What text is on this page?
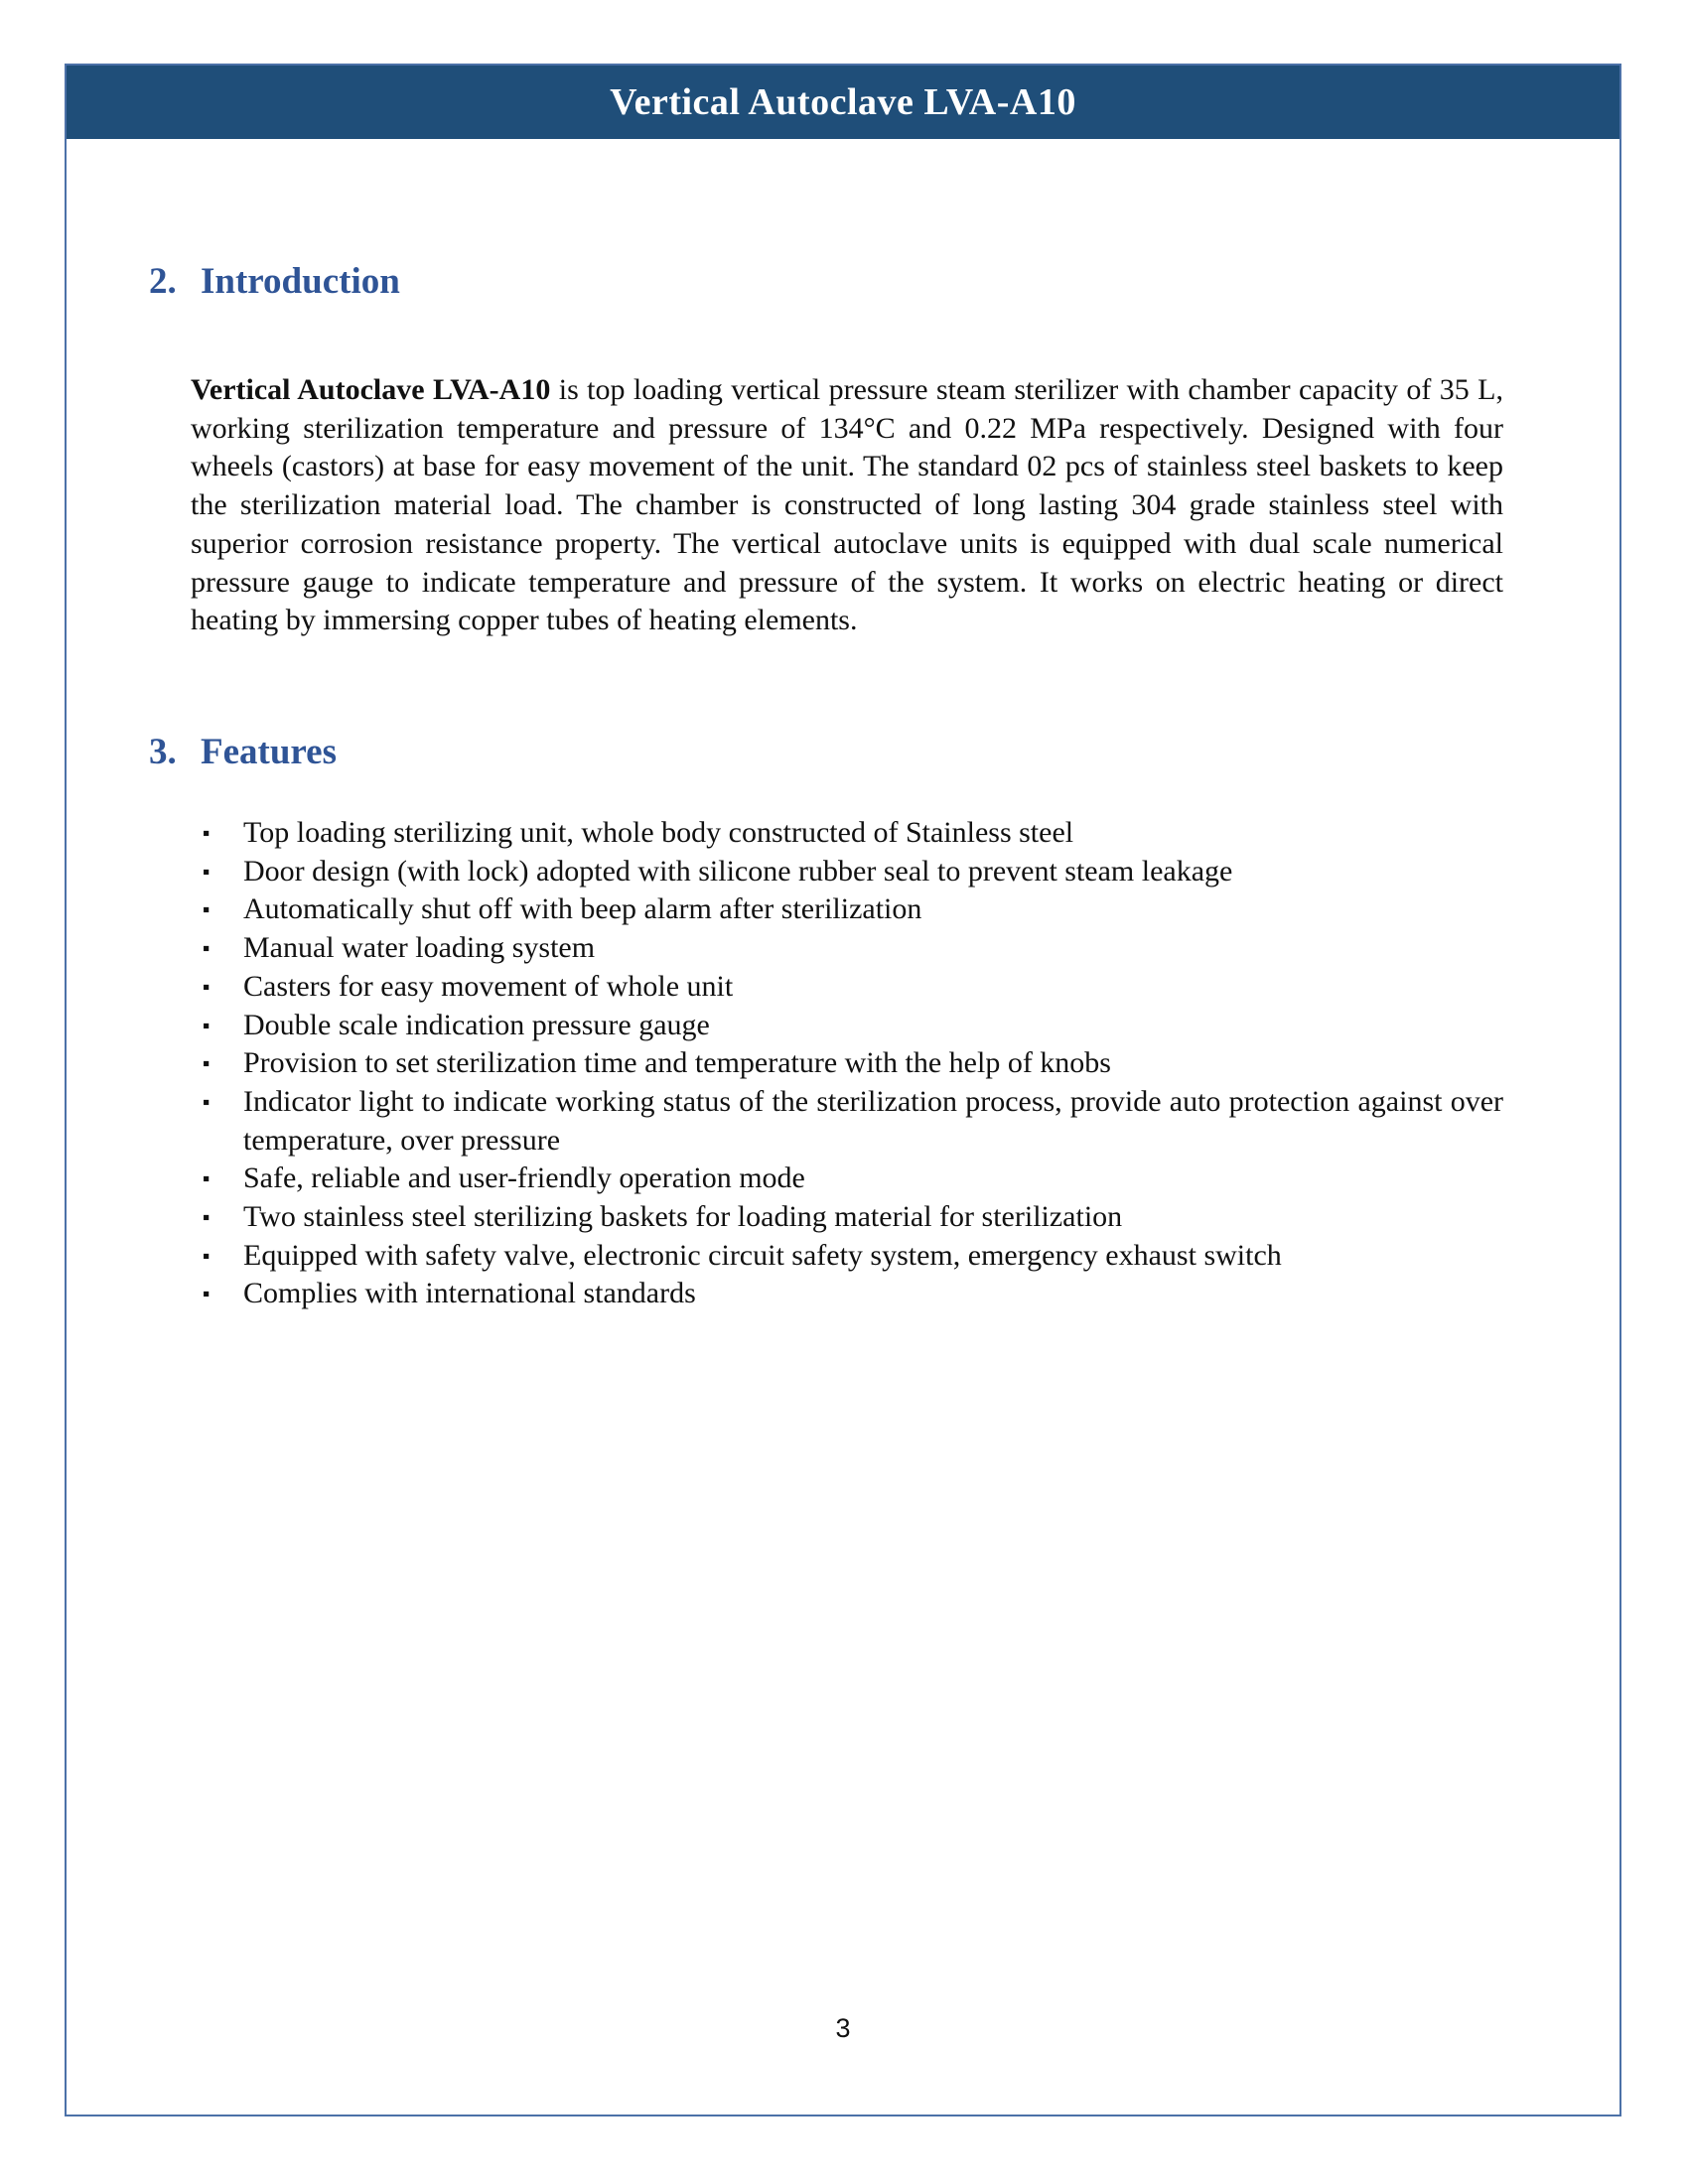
Vertical Autoclave LVA-A10
2. Introduction

Vertical Autoclave LVA-A10 is top loading vertical pressure steam sterilizer with chamber capacity of 35 L, working sterilization temperature and pressure of 134°C and 0.22 MPa respectively. Designed with four wheels (castors) at base for easy movement of the unit. The standard 02 pcs of stainless steel baskets to keep the sterilization material load. The chamber is constructed of long lasting 304 grade stainless steel with superior corrosion resistance property. The vertical autoclave units is equipped with dual scale numerical pressure gauge to indicate temperature and pressure of the system. It works on electric heating or direct heating by immersing copper tubes of heating elements.

3. Features
▪ Top loading sterilizing unit, whole body constructed of Stainless steel
▪ Door design (with lock) adopted with silicone rubber seal to prevent steam leakage
▪ Automatically shut off with beep alarm after sterilization
▪ Manual water loading system
▪ Casters for easy movement of whole unit
▪ Double scale indication pressure gauge
▪ Provision to set sterilization time and temperature with the help of knobs
▪ Indicator light to indicate working status of the sterilization process, provide auto protection against over temperature, over pressure
▪ Safe, reliable and user-friendly operation mode
▪ Two stainless steel sterilizing baskets for loading material for sterilization
▪ Equipped with safety valve, electronic circuit safety system, emergency exhaust switch
▪ Complies with international standards
3
